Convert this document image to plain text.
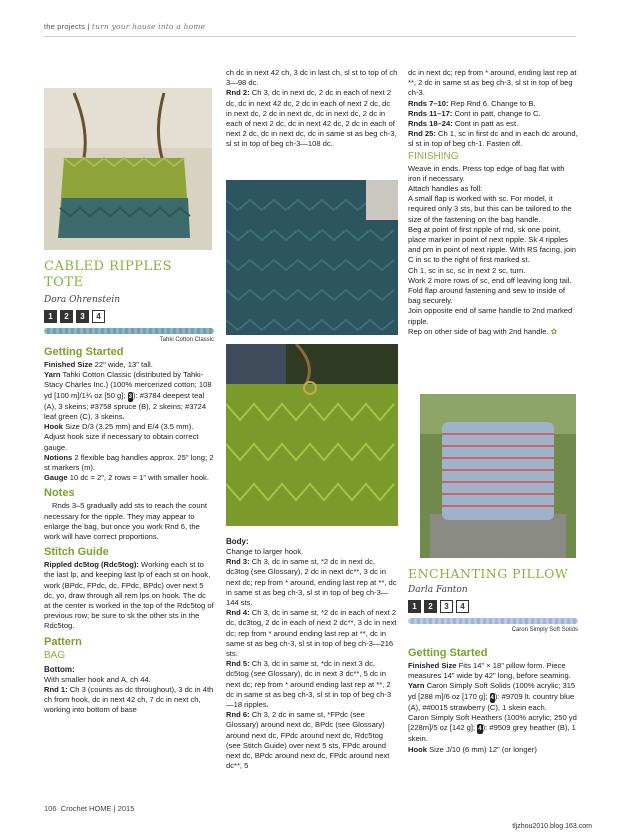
the projects | turn your house into a home
CABLED RIPPLES TOTE
Dora Ohrenstein
1	2	3	4
Tahki Cotton Classic
Getting Started

Finished Size 22" wide, 13" tall.

Yarn Tahki Cotton Classic (distributed by Tahki-Stacy Charles Inc.) (100% mercerized cotton; 108 yd [100 m]/1¾ oz [50 g]; 3): #3784 deepest teal (A), 3 skeins; #3758 spruce (B), 2 skeins; #3724 leaf green (C), 3 skeins.

Hook Size D/3 (3.25 mm) and E/4 (3.5 mm). Adjust hook size if necessary to obtain correct gauge.

Notions 2 flexible bag handles approx. 25" long; 2 st markers (m).

Gauge 10 dc = 2", 2 rows = 1" with smaller hook.

Notes

Rnds 3–5 gradually add sts to reach the count necessary for the ripple. They may appear to enlarge the bag, but once you work Rnd 6, the work will have correct proportions.

Stitch Guide

Rippled dc5tog (Rdc5tog): Working each st to the last lp, and keeping last lp of each st on hook, work (BPdc, FPdc, dc, FPdc, BPdc) over next 5 dc, yo, draw through all rem lps on hook. The dc at the center is worked in the top of the Rdc5tog of previous row; be sure to sk the other sts in the Rdc5tog.

Pattern
BAG
Bottom:

With smaller hook and A, ch 44.

Rnd 1: Ch 3 (counts as dc throughout), 3 dc in 4th ch from hook, dc in next 42 ch, 7 dc in next ch, working into bottom of base

ch dc in next 42 ch, 3 dc in last ch, sl st to top of ch 3—98 dc.

Rnd 2: Ch 3, dc in next dc, 2 dc in each of next 2 dc, dc in next 42 dc, 2 dc in each of next 2 dc, dc in next dc, 2 dc in next dc, dc in next dc, 2 dc in each of next 2 dc, dc in next 42 dc, 2 dc in each of next 2 dc, dc in next dc, dc in same st as beg ch-3, sl st in top of beg ch-3—108 dc.

Body:

Change to larger hook.

Rnd 3: Ch 3, dc in same st, *2 dc in next dc, dc3tog (see Glossary), 2 dc in next dc**, 3 dc in next dc; rep from * around, ending last rep at **, dc in same st as beg ch-3, sl st in top of beg ch-3—144 sts.

Rnd 4: Ch 3, dc in same st, *2 dc in each of next 2 dc, dc3tog, 2 dc in each of next 2 dc**, 3 dc in next dc; rep from * around ending last rep at **, dc in same st as beg ch-3, sl st in top of beg ch-3—216 sts.

Rnd 5: Ch 3, dc in same st, *dc in next 3 dc, dc5tog (see Glossary), dc in next 3 dc**, 5 dc in next dc; rep from * around ending last rep at **, 2 dc in same st as beg ch-3, sl st in top of beg ch-3—18 ripples.

Rnd 6: Ch 3, 2 dc in same st, *FPdc (see Glossary) around next dc, BPdc (see Glossary) around next dc, FPdc around next dc, Rdc5tog (see Stitch Guide) over next 5 sts, FPdc around next dc, BPdc around next dc, FPdc around next dc**, 5

dc in next dc; rep from * around, ending last rep at **, 2 dc in same st as beg ch-3, sl st in top of beg ch-3.

Rnds 7–10: Rep Rnd 6. Change to B.

Rnds 11–17: Cont in patt, change to C.

Rnds 18–24: Cont in patt as est.

Rnd 25: Ch 1, sc in first dc and in each dc around, sl st in top of beg ch-1. Fasten off.

FINISHING

Weave in ends. Press top edge of bag flat with iron if necessary.

Attach handles as foll:

A small flap is worked with sc. For model, it required only 3 sts, but this can be tailored to the size of the fastening on the bag handle.

Beg at point of first ripple of rnd, sk one point, place marker in point of next ripple. Sk 4 ripples and pm in point of next ripple. With RS facing, join C in sc to the right of first marked st.

Ch 1, sc in sc, sc in next 2 sc, turn.

Work 2 more rows of sc, end off leaving long tail.

Fold flap around fastening and sew to inside of bag securely.

Join opposite end of same handle to 2nd marked ripple.

Rep on other side of bag with 2nd handle. ✿

ENCHANTING PILLOW
Darla Fanton
1	2	3	4
Caron Simply Soft Solids
Getting Started

Finished Size Fits 14" × 18" pillow form. Piece measures 14" wide by 42" long, before seaming.

Yarn Caron Simply Soft Solids (100% acrylic; 315 yd [288 m]/6 oz [170 g]; 4): #9709 lt. country blue (A), ##0015 strawberry (C), 1 skein each.

Caron Simply Soft Heathers (100% acrylic; 250 yd [228m]/5 oz [142 g]; 4): #9509 grey heather (B), 1 skein.

Hook Size J/10 (6 mm) 12" (or longer)

106 Crochet HOME | 2015
tljzhou2010.blog.163.com
